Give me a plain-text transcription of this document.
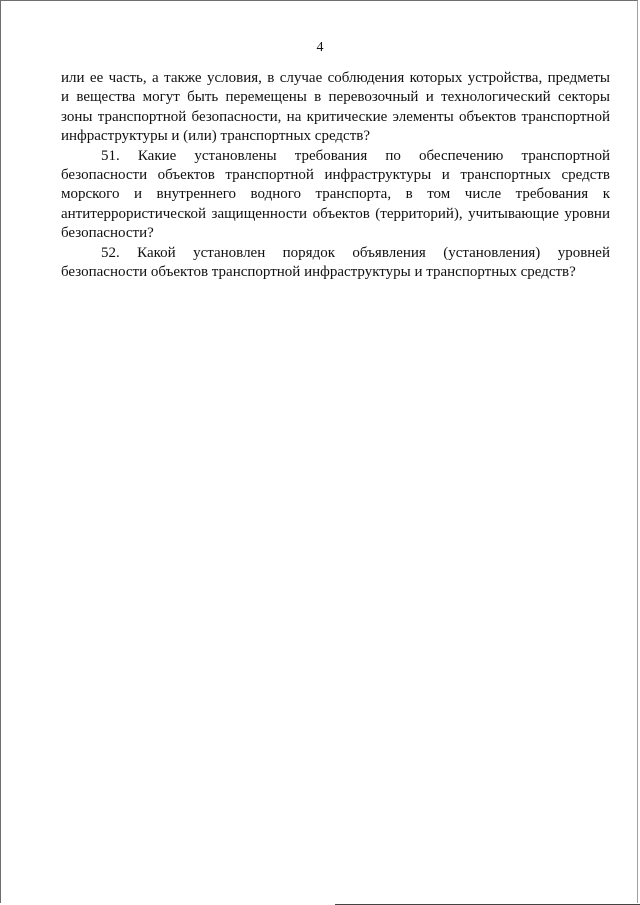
4

или ее часть, а также условия, в случае соблюдения которых устройства, предметы
и вещества могут быть перемещены в перевозочный и технологический секторы
зоны транспортной безопасности, на критические элементы объектов транспортной
инфраструктуры и (или) транспортных средств?

51. Какие установлены требования по обеспечению транспортной
безопасности объектов транспортной инфраструктуры и транспортных средств
морского и внутреннего водного транспорта, в том числе требования к
антитеррористической защищенности объектов (территорий), учитывающие уровни
безопасности?

52. Какой установлен порядок объявления (установления) уровней
безопасности объектов транспортной инфраструктуры и транспортных средств?
